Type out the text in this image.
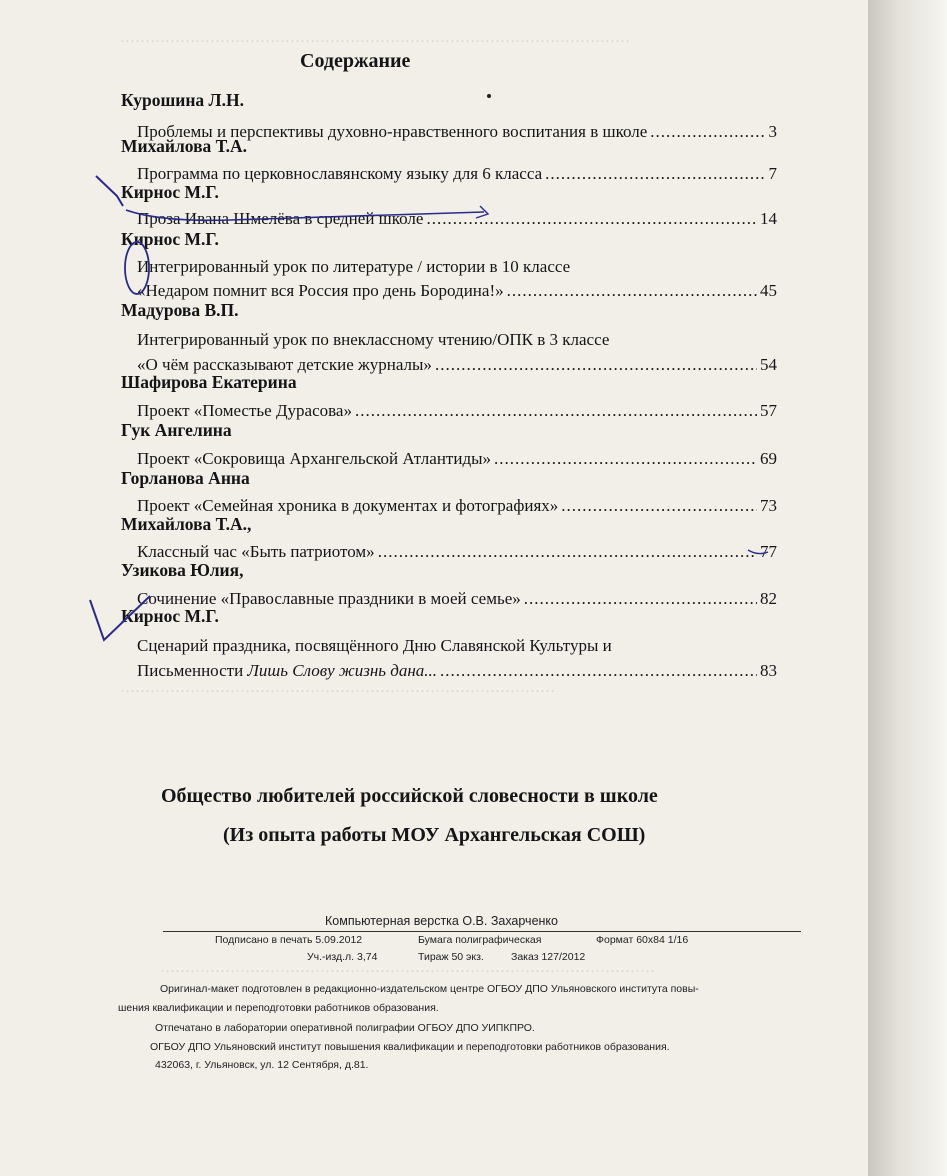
…………………………………………………………………………………………
……………………………………………………………………………
………………………………………………………………………………………
Содержание
Курошина Л.Н.
Проблемы и перспективы духовно-нравственного воспитания в школе .....	3
Михайлова Т.А.
Программа по церковнославянскому языку для 6 класса .....	7
Кирнос М.Г.
Проза Ивана Шмелёва в средней школе .....	14
Кирнос М.Г.
Интегрированный урок по литературе / истории в 10 классе
«Недаром помнит вся Россия про день Бородина!» .....	45
Мадурова В.П.
Интегрированный урок по внеклассному чтению/ОПК в 3 классе
«О чём рассказывают детские журналы» .....	54
Шафирова Екатерина
Проект «Поместье Дурасова» .....	57
Гук Ангелина
Проект «Сокровища Архангельской Атлантиды» .....	69
Горланова Анна
Проект «Семейная хроника в документах и фотографиях» .....	73
Михайлова Т.А.,
Классный час «Быть патриотом» .....	77
Узикова Юлия,
Сочинение «Православные праздники в моей семье» .....	82
Кирнос М.Г.
Сценарий праздника, посвящённого Дню Славянской Культуры и
Письменности Лишь Слову жизнь дана... .....	83
Общество любителей российской словесности в школе
(Из опыта работы МОУ Архангельская СОШ)
Компьютерная верстка О.В. Захарченко
Подписано в печать 5.09.2012	Бумага полиграфическая	Формат 60x84 1/16
Уч.-изд.л. 3,74	Тираж 50 экз.	Заказ 127/2012
Оригинал-макет подготовлен в редакционно-издательском центре ОГБОУ ДПО Ульяновского института повы-
шения квалификации и переподготовки работников образования.
Отпечатано в лаборатории оперативной полиграфии ОГБОУ ДПО УИПКПРО.
ОГБОУ ДПО Ульяновский институт повышения квалификации и переподготовки работников образования.
432063, г. Ульяновск, ул. 12 Сентября, д.81.
